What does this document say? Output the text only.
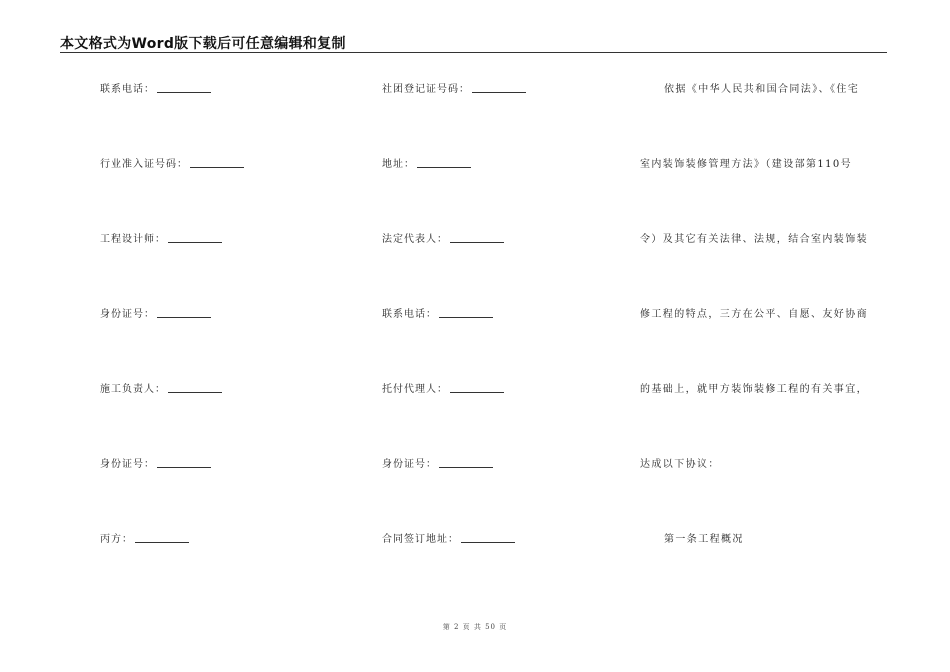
本文格式为Word版下载后可任意编辑和复制
联系电话：
行业准入证号码：
工程设计师：
身份证号：
施工负责人：
身份证号：
丙方：
社团登记证号码：
地址：
法定代表人：
联系电话：
托付代理人：
身份证号：
合同签订地址：
依据《中华人民共和国合同法》、《住宅
室内装饰装修管理方法》（建设部第110号
令）及其它有关法律、法规，结合室内装饰装
修工程的特点，三方在公平、自愿、友好协商
的基础上，就甲方装饰装修工程的有关事宜，
达成以下协议：
第一条工程概况
第 2 页 共 50 页
